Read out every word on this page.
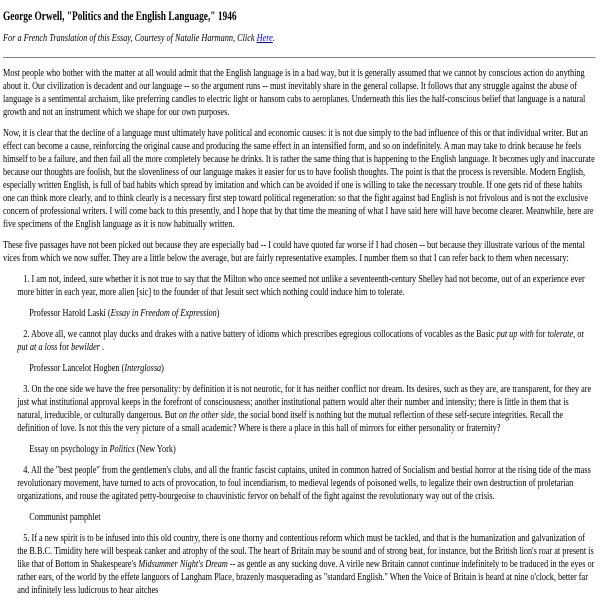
George Orwell, "Politics and the English Language," 1946
For a French Translation of this Essay, Courtesy of Natalie Harmann, Click Here.

Most people who bother with the matter at all would admit that the English language is in a bad way, but it is generally assumed that we cannot by conscious action do anything about it. Our civilization is decadent and our language -- so the argument runs -- must inevitably share in the general collapse. It follows that any struggle against the abuse of language is a sentimental archaism, like preferring candles to electric light or hansom cabs to aeroplanes. Underneath this lies the half-conscious belief that language is a natural growth and not an instrument which we shape for our own purposes.

Now, it is clear that the decline of a language must ultimately have political and economic causes: it is not due simply to the bad influence of this or that individual writer. But an effect can become a cause, reinforcing the original cause and producing the same effect in an intensified form, and so on indefinitely. A man may take to drink because he feels himself to be a failure, and then fail all the more completely because he drinks. It is rather the same thing that is happening to the English language. It becomes ugly and inaccurate because our thoughts are foolish, but the slovenliness of our language makes it easier for us to have foolish thoughts. The point is that the process is reversible. Modern English, especially written English, is full of bad habits which spread by imitation and which can be avoided if one is willing to take the necessary trouble. If one gets rid of these habits one can think more clearly, and to think clearly is a necessary first step toward political regeneration: so that the fight against bad English is not frivolous and is not the exclusive concern of professional writers. I will come back to this presently, and I hope that by that time the meaning of what I have said here will have become clearer. Meanwhile, here are five specimens of the English language as it is now habitually written.

These five passages have not been picked out because they are especially bad -- I could have quoted far worse if I had chosen -- but because they illustrate various of the mental vices from which we now suffer. They are a little below the average, but are fairly representative examples. I number them so that I can refer back to them when necessary:

1. I am not, indeed, sure whether it is not true to say that the Milton who once seemed not unlike a seventeenth-century Shelley had not become, out of an experience ever more bitter in each year, more alien [sic] to the founder of that Jesuit sect which nothing could induce him to tolerate.
Professor Harold Laski (Essay in Freedom of Expression)
2. Above all, we cannot play ducks and drakes with a native battery of idioms which prescribes egregious collocations of vocables as the Basic put up with for tolerate, or put at a loss for bewilder .
Professor Lancelot Hogben (Interglossa)
3. On the one side we have the free personality: by definition it is not neurotic, for it has neither conflict nor dream. Its desires, such as they are, are transparent, for they are just what institutional approval keeps in the forefront of consciousness; another institutional pattern would alter their number and intensity; there is little in them that is natural, irreducible, or culturally dangerous. But on the other side, the social bond itself is nothing but the mutual reflection of these self-secure integrities. Recall the definition of love. Is not this the very picture of a small academic? Where is there a place in this hall of mirrors for either personality or fraternity?
Essay on psychology in Politics (New York)
4. All the "best people" from the gentlemen's clubs, and all the frantic fascist captains, united in common hatred of Socialism and bestial horror at the rising tide of the mass revolutionary movement, have turned to acts of provocation, to foul incendiarism, to medieval legends of poisoned wells, to legalize their own destruction of proletarian organizations, and rouse the agitated petty-bourgeoise to chauvinistic fervor on behalf of the fight against the revolutionary way out of the crisis.
Communist pamphlet
5. If a new spirit is to be infused into this old country, there is one thorny and contentious reform which must be tackled, and that is the humanization and galvanization of the B.B.C. Timidity here will bespeak canker and atrophy of the soul. The heart of Britain may be sound and of strong beat, for instance, but the British lion's roar at present is like that of Bottom in Shakespeare's Midsummer Night's Dream -- as gentle as any sucking dove. A virile new Britain cannot continue indefinitely to be traduced in the eyes or rather ears, of the world by the effete languors of Langham Place, brazenly masquerading as "standard English." When the Voice of Britain is heard at nine o'clock, better far and infinitely less ludicrous to hear aitches
